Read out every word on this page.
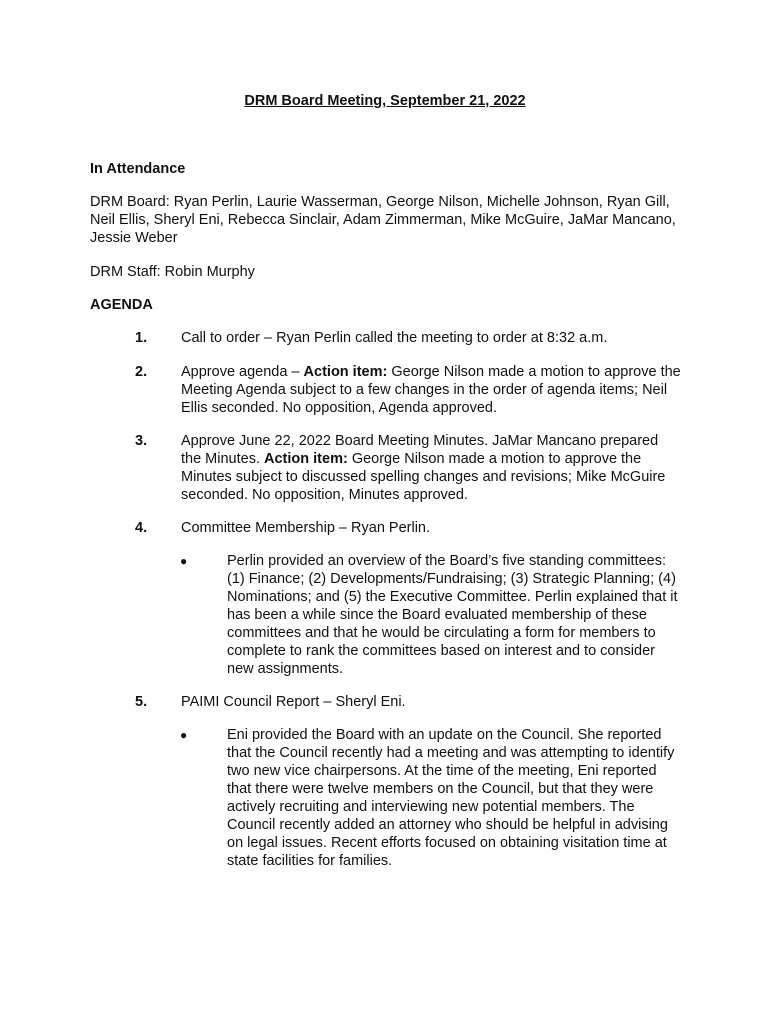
DRM Board Meeting, September 21, 2022
In Attendance
DRM Board: Ryan Perlin, Laurie Wasserman, George Nilson, Michelle Johnson, Ryan Gill, Neil Ellis, Sheryl Eni, Rebecca Sinclair, Adam Zimmerman, Mike McGuire, JaMar Mancano, Jessie Weber
DRM Staff: Robin Murphy
AGENDA
1. Call to order – Ryan Perlin called the meeting to order at 8:32 a.m.
2. Approve agenda – Action item: George Nilson made a motion to approve the Meeting Agenda subject to a few changes in the order of agenda items; Neil Ellis seconded. No opposition, Agenda approved.
3. Approve June 22, 2022 Board Meeting Minutes. JaMar Mancano prepared the Minutes. Action item: George Nilson made a motion to approve the Minutes subject to discussed spelling changes and revisions; Mike McGuire seconded. No opposition, Minutes approved.
4. Committee Membership – Ryan Perlin.
●	Perlin provided an overview of the Board’s five standing committees: (1) Finance; (2) Developments/Fundraising; (3) Strategic Planning; (4) Nominations; and (5) the Executive Committee. Perlin explained that it has been a while since the Board evaluated membership of these committees and that he would be circulating a form for members to complete to rank the committees based on interest and to consider new assignments.
5. PAIMI Council Report – Sheryl Eni.
●	Eni provided the Board with an update on the Council. She reported that the Council recently had a meeting and was attempting to identify two new vice chairpersons. At the time of the meeting, Eni reported that there were twelve members on the Council, but that they were actively recruiting and interviewing new potential members. The Council recently added an attorney who should be helpful in advising on legal issues. Recent efforts focused on obtaining visitation time at state facilities for families.
